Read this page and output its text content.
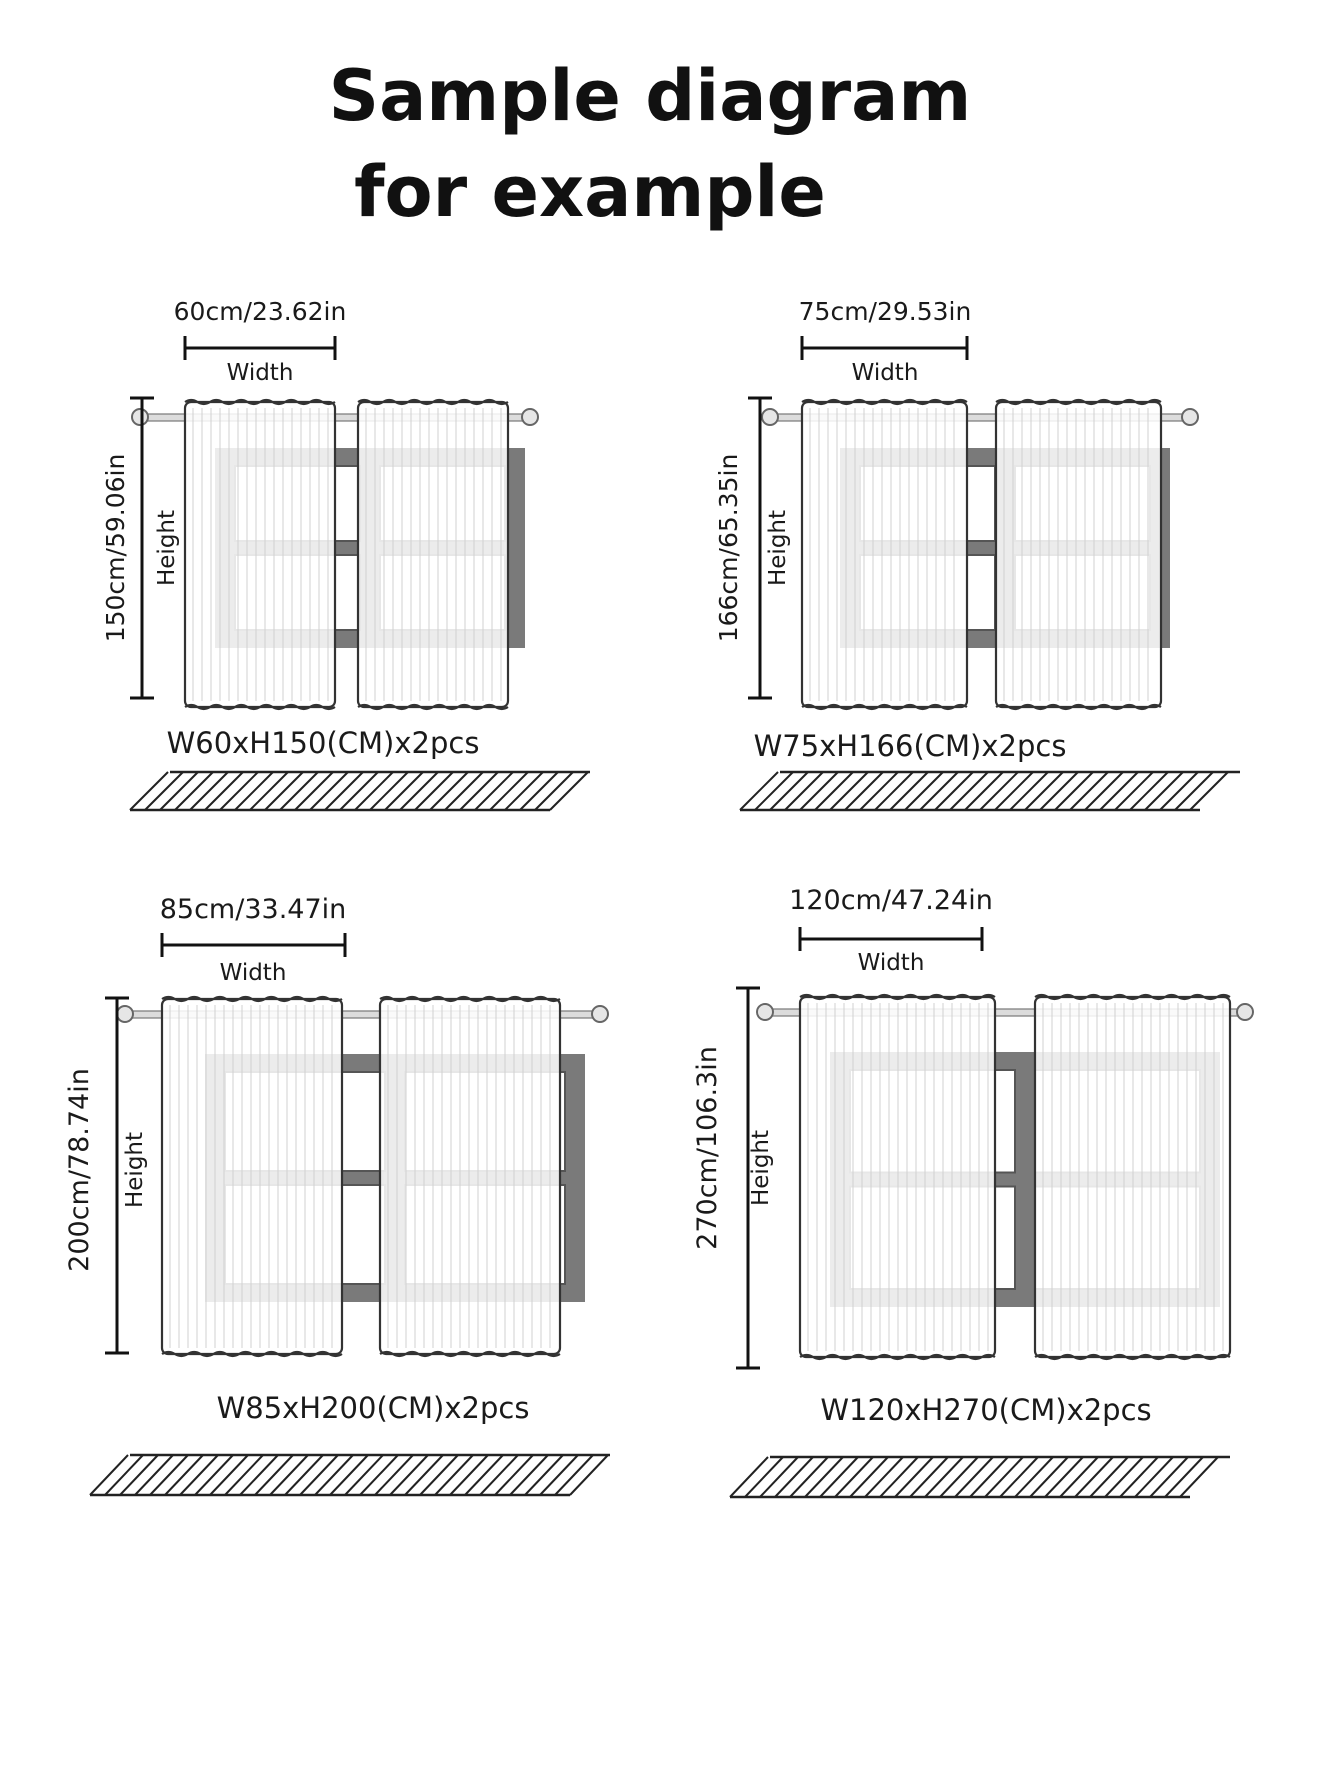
Sample diagram
for example
60cm/23.62in
Width
150cm/59.06in Height
W60xH150(CM)x2pcs
75cm/29.53in
Width
166cm/65.35in Height
W75xH166(CM)x2pcs
85cm/33.47in
Width
200cm/78.74in Height
W85xH200(CM)x2pcs
120cm/47.24in
Width
270cm/106.3in Height
W120xH270(CM)x2pcs
